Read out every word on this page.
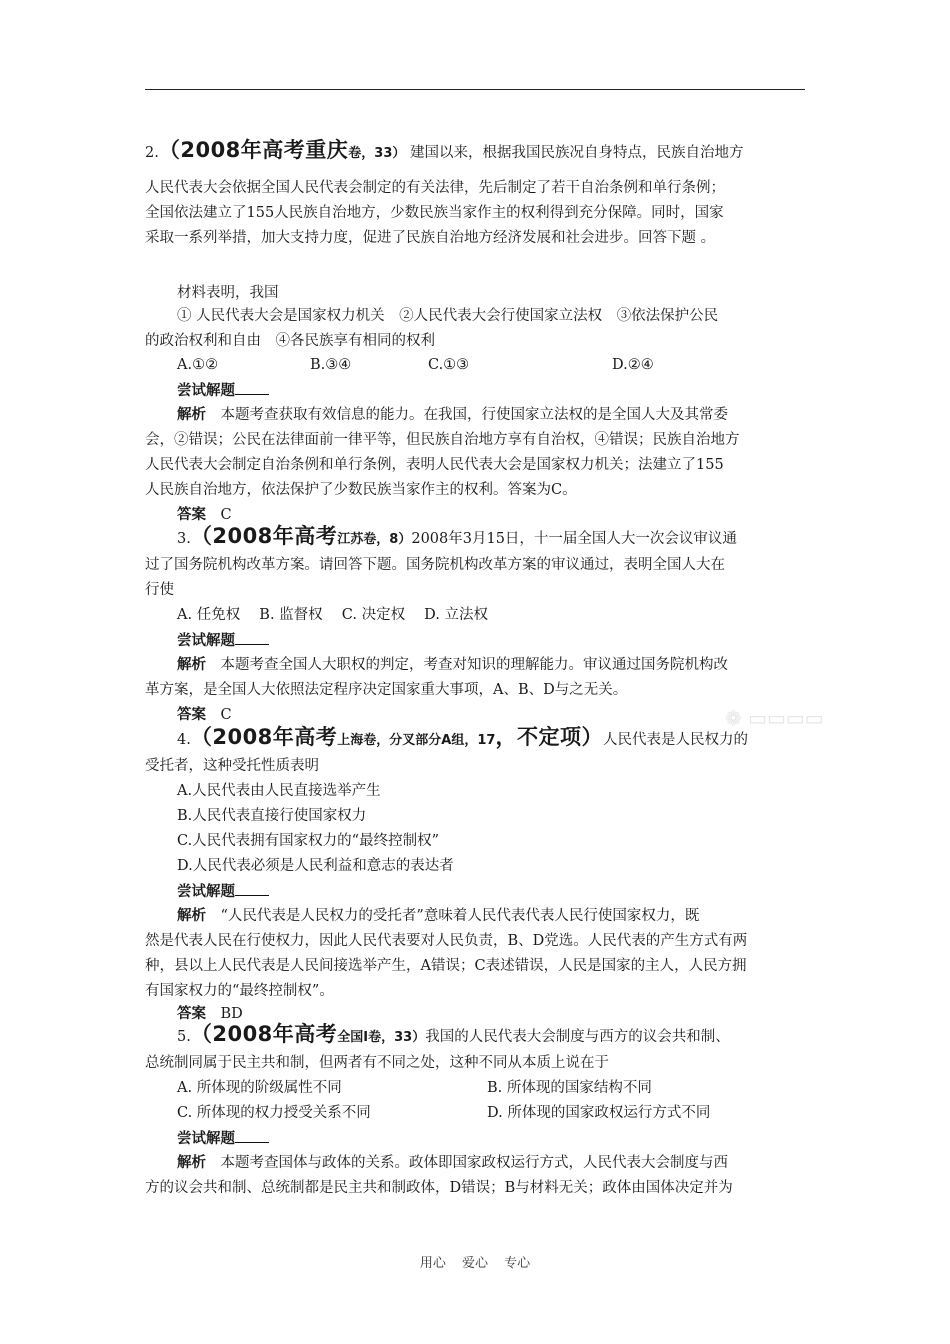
2.（2008年高考重庆卷，33） 建国以来，根据我国民族况自身特点，民族自治地方
人民代表大会依据全国人民代表会制定的有关法律，先后制定了若干自治条例和单行条例；
全国依法建立了155人民族自治地方，少数民族当家作主的权利得到充分保障。同时，国家
采取一系列举措，加大支持力度，促进了民族自治地方经济发展和社会进步。回答下题 。
材料表明，我国
① 人民代表大会是国家权力机关　②人民代表大会行使国家立法权　③依法保护公民
的政治权利和自由　④各民族享有相同的权利
A.①②	B.③④	C.①③	D.②④
尝试解题
解析　 本题考查获取有效信息的能力。在我国，行使国家立法权的是全国人大及其常委
会，②错误；公民在法律面前一律平等，但民族自治地方享有自治权，④错误；民族自治地方
人民代表大会制定自治条例和单行条例，表明人民代表大会是国家权力机关；法建立了155
人民族自治地方，依法保护了少数民族当家作主的权利。答案为C。
答案　 C
3.（2008年高考江苏卷，8）2008年3月15日，十一届全国人大一次会议审议通
过了国务院机构改革方案。请回答下题。国务院机构改革方案的审议通过，表明全国人大在
行使
A. 任免权　 B. 监督权　 C. 决定权　 D. 立法权
尝试解题
解析　 本题考查全国人大职权的判定，考查对知识的理解能力。审议通过国务院机构改
革方案，是全国人大依照法定程序决定国家重大事项，A、B、D与之无关。
答案　 C	❁ ▭▭▭▭
4.（2008年高考上海卷，分叉部分A组，17，不定项）人民代表是人民权力的
受托者，这种受托性质表明
A.人民代表由人民直接选举产生
B.人民代表直接行使国家权力
C.人民代表拥有国家权力的“最终控制权”
D.人民代表必须是人民利益和意志的表达者
尝试解题
解析　 “人民代表是人民权力的受托者”意味着人民代表代表人民行使国家权力，既
然是代表人民在行使权力，因此人民代表要对人民负责，B、D党选。人民代表的产生方式有两
种，县以上人民代表是人民间接选举产生，A错误；C表述错误，人民是国家的主人，人民方拥
有国家权力的“最终控制权”。
答案　 BD
5.（2008年高考全国Ⅰ卷，33）我国的人民代表大会制度与西方的议会共和制、
总统制同属于民主共和制，但两者有不同之处，这种不同从本质上说在于
A. 所体现的阶级属性不同	B. 所体现的国家结构不同
C. 所体现的权力授受关系不同	D. 所体现的国家政权运行方式不同
尝试解题
解析　 本题考查国体与政体的关系。政体即国家政权运行方式，人民代表大会制度与西
方的议会共和制、总统制都是民主共和制政体，D错误；B与材料无关；政体由国体决定并为
用心 爱心 专心
